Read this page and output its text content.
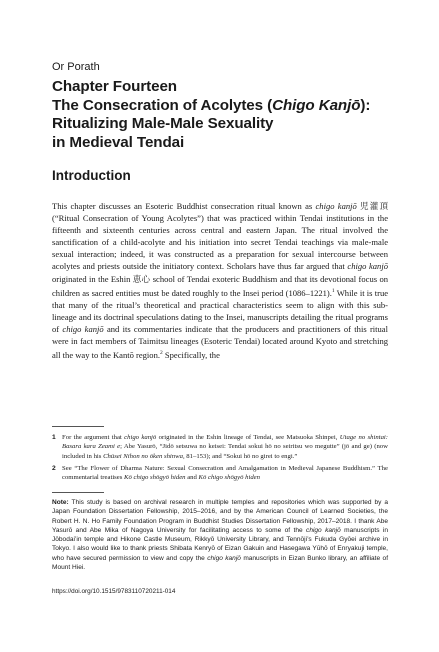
Or Porath
Chapter Fourteen
The Consecration of Acolytes (Chigo Kanjō):
Ritualizing Male-Male Sexuality
in Medieval Tendai
Introduction

This chapter discusses an Esoteric Buddhist consecration ritual known as chigo kanjō 児灌頂 (“Ritual Consecration of Young Acolytes”) that was practiced within Tendai institutions in the fifteenth and sixteenth centuries across central and eastern Japan. The ritual involved the sanctification of a child-acolyte and his initiation into secret Tendai teachings via male-male sexual interaction; indeed, it was constructed as a preparation for sexual intercourse between acolytes and priests outside the initiatory context. Scholars have thus far argued that chigo kanjō originated in the Eshin 恵心 school of Tendai exoteric Buddhism and that its devotional focus on children as sacred entities must be dated roughly to the Insei period (1086–1221).$^1$ While it is true that many of the ritual’s theoretical and practical characteristics seem to align with this sub-lineage and its doctrinal speculations dating to the Insei, manuscripts detailing the ritual programs of chigo kanjō and its commentaries indicate that the producers and practitioners of this ritual were in fact members of Taimitsu lineages (Esoteric Tendai) located around Kyoto and stretching all the way to the Kantō region.$^2$ Specifically, the

1 For the argument that chigo kanjō originated in the Eshin lineage of Tendai, see Matsuoka Shinpei, Utage no shintai: Basara kara Zeami e; Abe Yasurō, “Jidō setsuwa no keisei: Tendai sokui hō no seiritsu wo megutte” (jō and ge) (now included in his Chūsei Nihon no ōken shinwa, 81–153); and “Sokui hō no girei to engi.”

2 See “The Flower of Dharma Nature: Sexual Consecration and Amalgamation in Medieval Japanese Buddhism.” The commentarial treatises Kō chigo shōgyō hiden and Kō chigo shōgyō hiden

Note: This study is based on archival research in multiple temples and repositories which was supported by a Japan Foundation Dissertation Fellowship, 2015–2016, and by the American Council of Learned Societies, the Robert H. N. Ho Family Foundation Program in Buddhist Studies Dissertation Fellowship, 2017–2018. I thank Abe Yasurō and Abe Mika of Nagoya University for facilitating access to some of the chigo kanjō manuscripts in Jōbodai’in temple and Hikone Castle Museum, Rikkyō University Library, and Tennōji’s Fukuda Gyōei archive in Tokyo. I also would like to thank priests Shibata Kenryō of Eizan Gakuin and Hasegawa Yūhō of Enryakuji temple, who have secured permission to view and copy the chigo kanjō manuscripts in Eizan Bunko library, an affiliate of Mount Hiei.

https://doi.org/10.1515/9783110720211-014
